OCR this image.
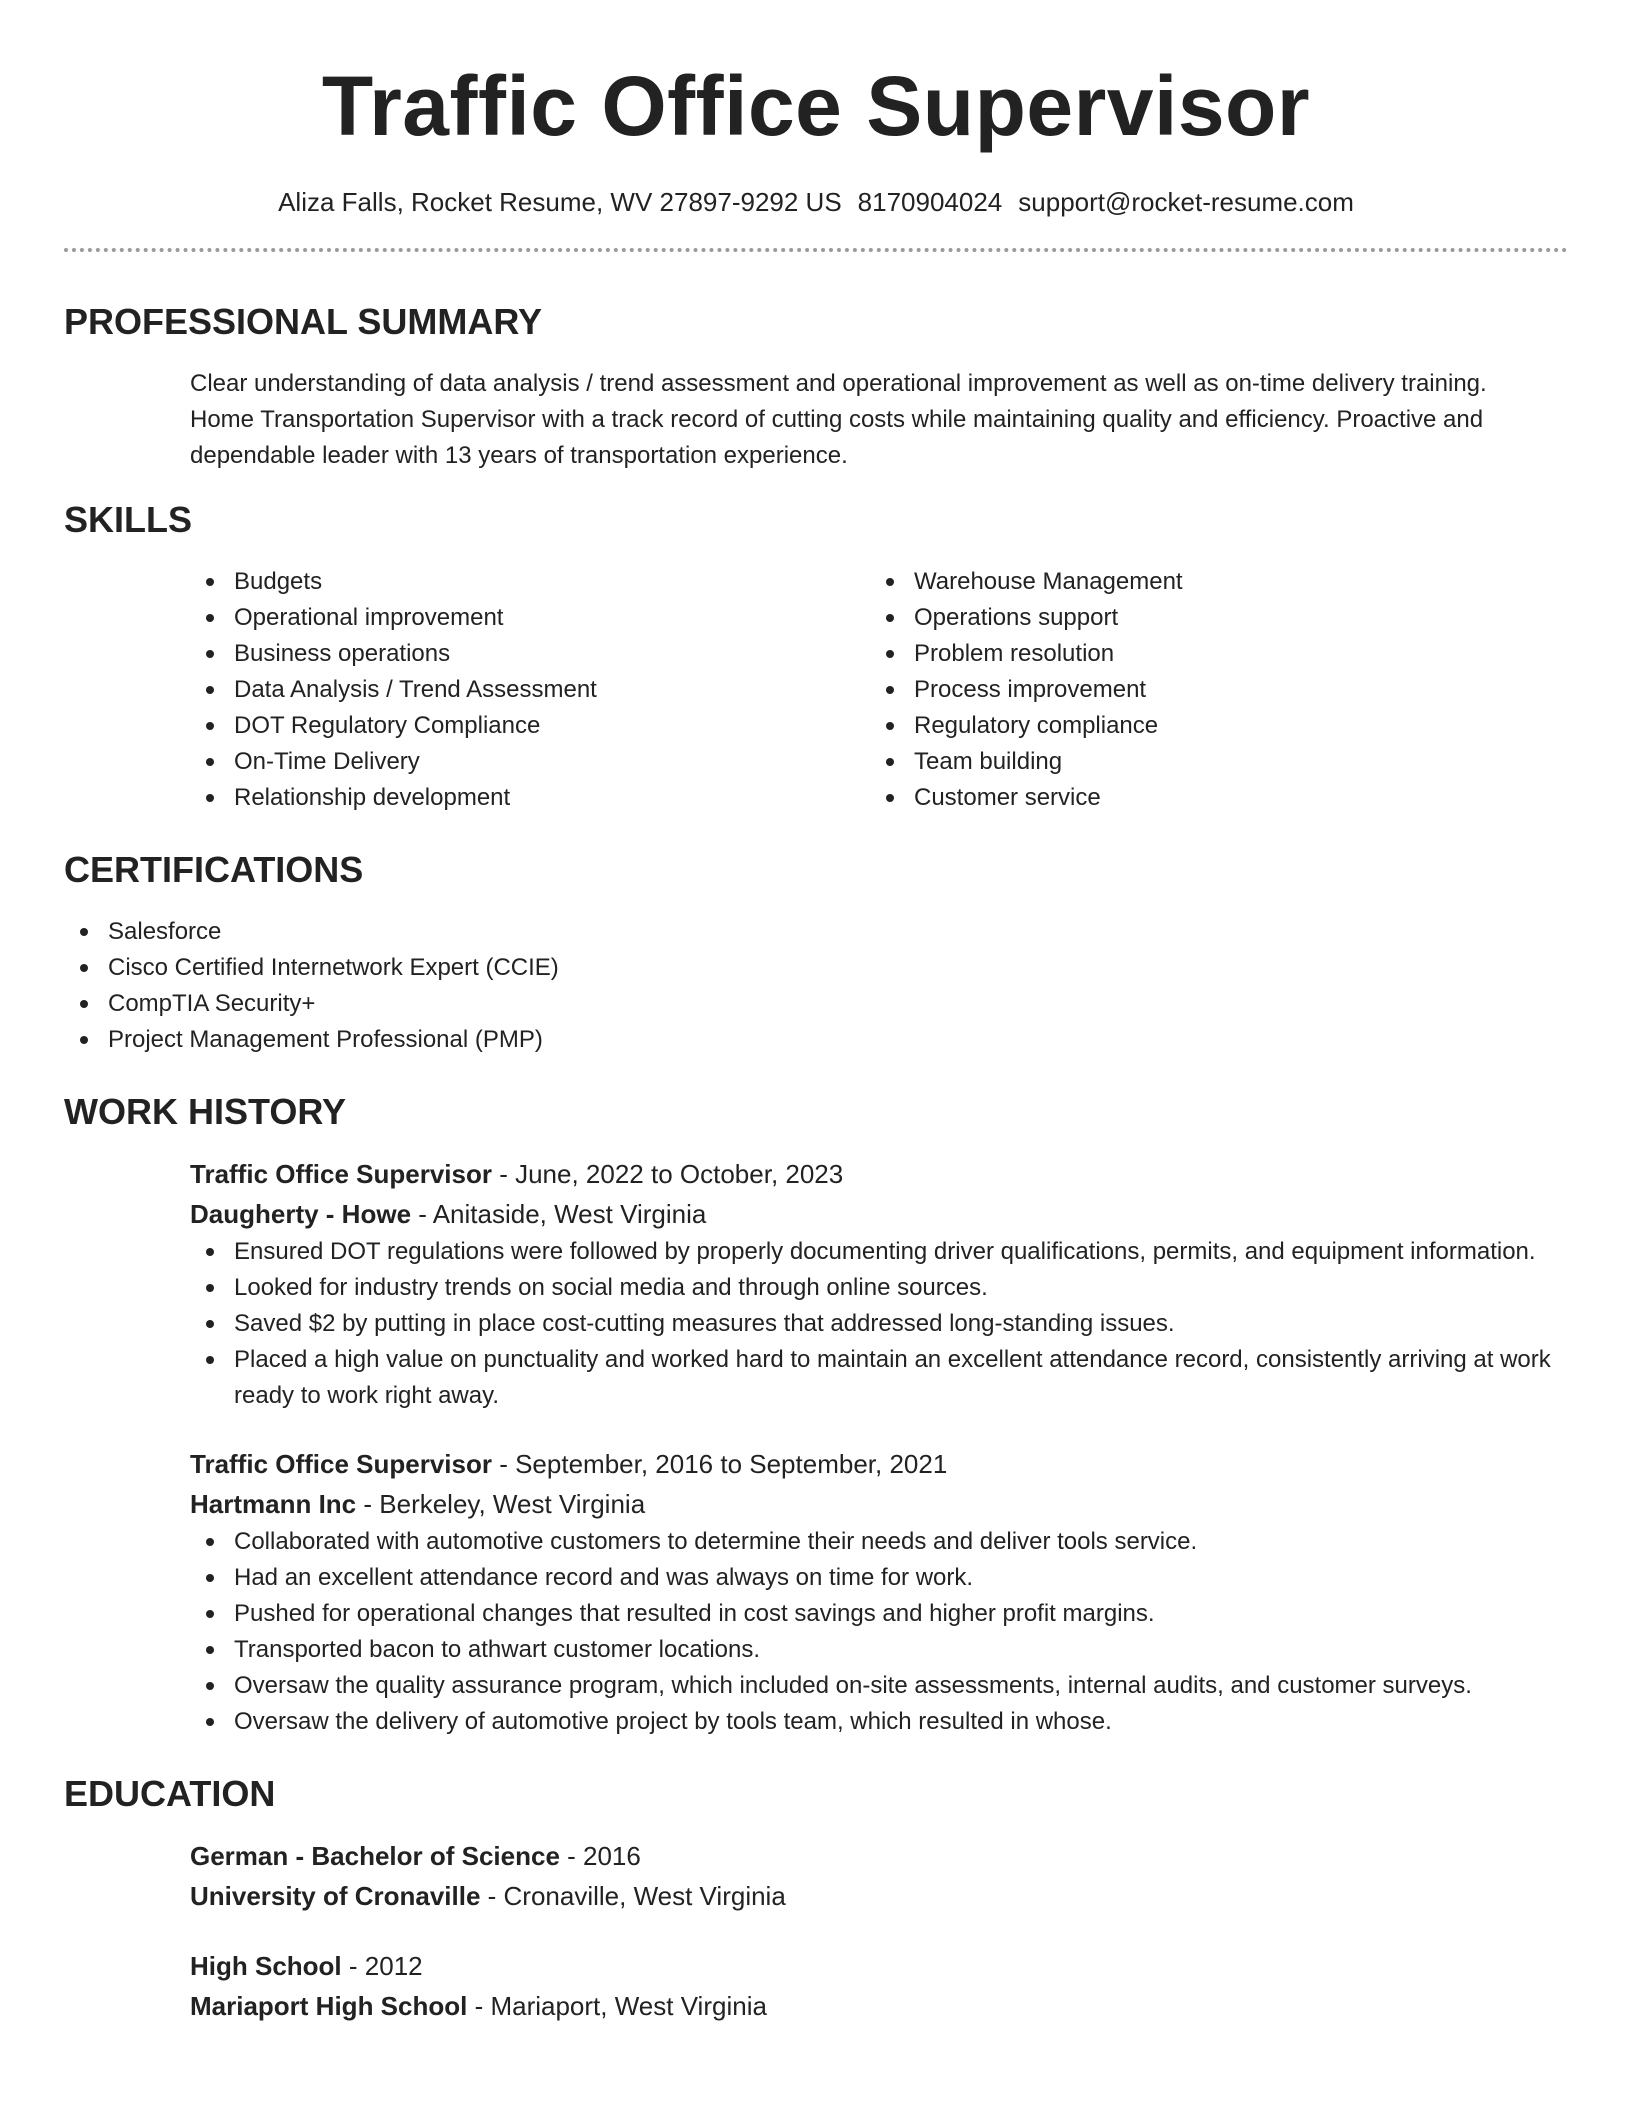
Traffic Office Supervisor
Aliza Falls, Rocket Resume, WV 27897-9292 US 8170904024 support@rocket-resume.com
PROFESSIONAL SUMMARY

Clear understanding of data analysis / trend assessment and operational improvement as well as on-time delivery training. Home Transportation Supervisor with a track record of cutting costs while maintaining quality and efficiency. Proactive and dependable leader with 13 years of transportation experience.

SKILLS
Budgets
Operational improvement
Business operations
Data Analysis / Trend Assessment
DOT Regulatory Compliance
On-Time Delivery
Relationship development
Warehouse Management
Operations support
Problem resolution
Process improvement
Regulatory compliance
Team building
Customer service
CERTIFICATIONS
Salesforce
Cisco Certified Internetwork Expert (CCIE)
CompTIA Security+
Project Management Professional (PMP)
WORK HISTORY
Traffic Office Supervisor - June, 2022 to October, 2023
Daugherty - Howe - Anitaside, West Virginia
Ensured DOT regulations were followed by properly documenting driver qualifications, permits, and equipment information.
Looked for industry trends on social media and through online sources.
Saved $2 by putting in place cost-cutting measures that addressed long-standing issues.
Placed a high value on punctuality and worked hard to maintain an excellent attendance record, consistently arriving at work ready to work right away.
Traffic Office Supervisor - September, 2016 to September, 2021
Hartmann Inc - Berkeley, West Virginia
Collaborated with automotive customers to determine their needs and deliver tools service.
Had an excellent attendance record and was always on time for work.
Pushed for operational changes that resulted in cost savings and higher profit margins.
Transported bacon to athwart customer locations.
Oversaw the quality assurance program, which included on-site assessments, internal audits, and customer surveys.
Oversaw the delivery of automotive project by tools team, which resulted in whose.
EDUCATION
German - Bachelor of Science - 2016
University of Cronaville - Cronaville, West Virginia
High School - 2012
Mariaport High School - Mariaport, West Virginia
